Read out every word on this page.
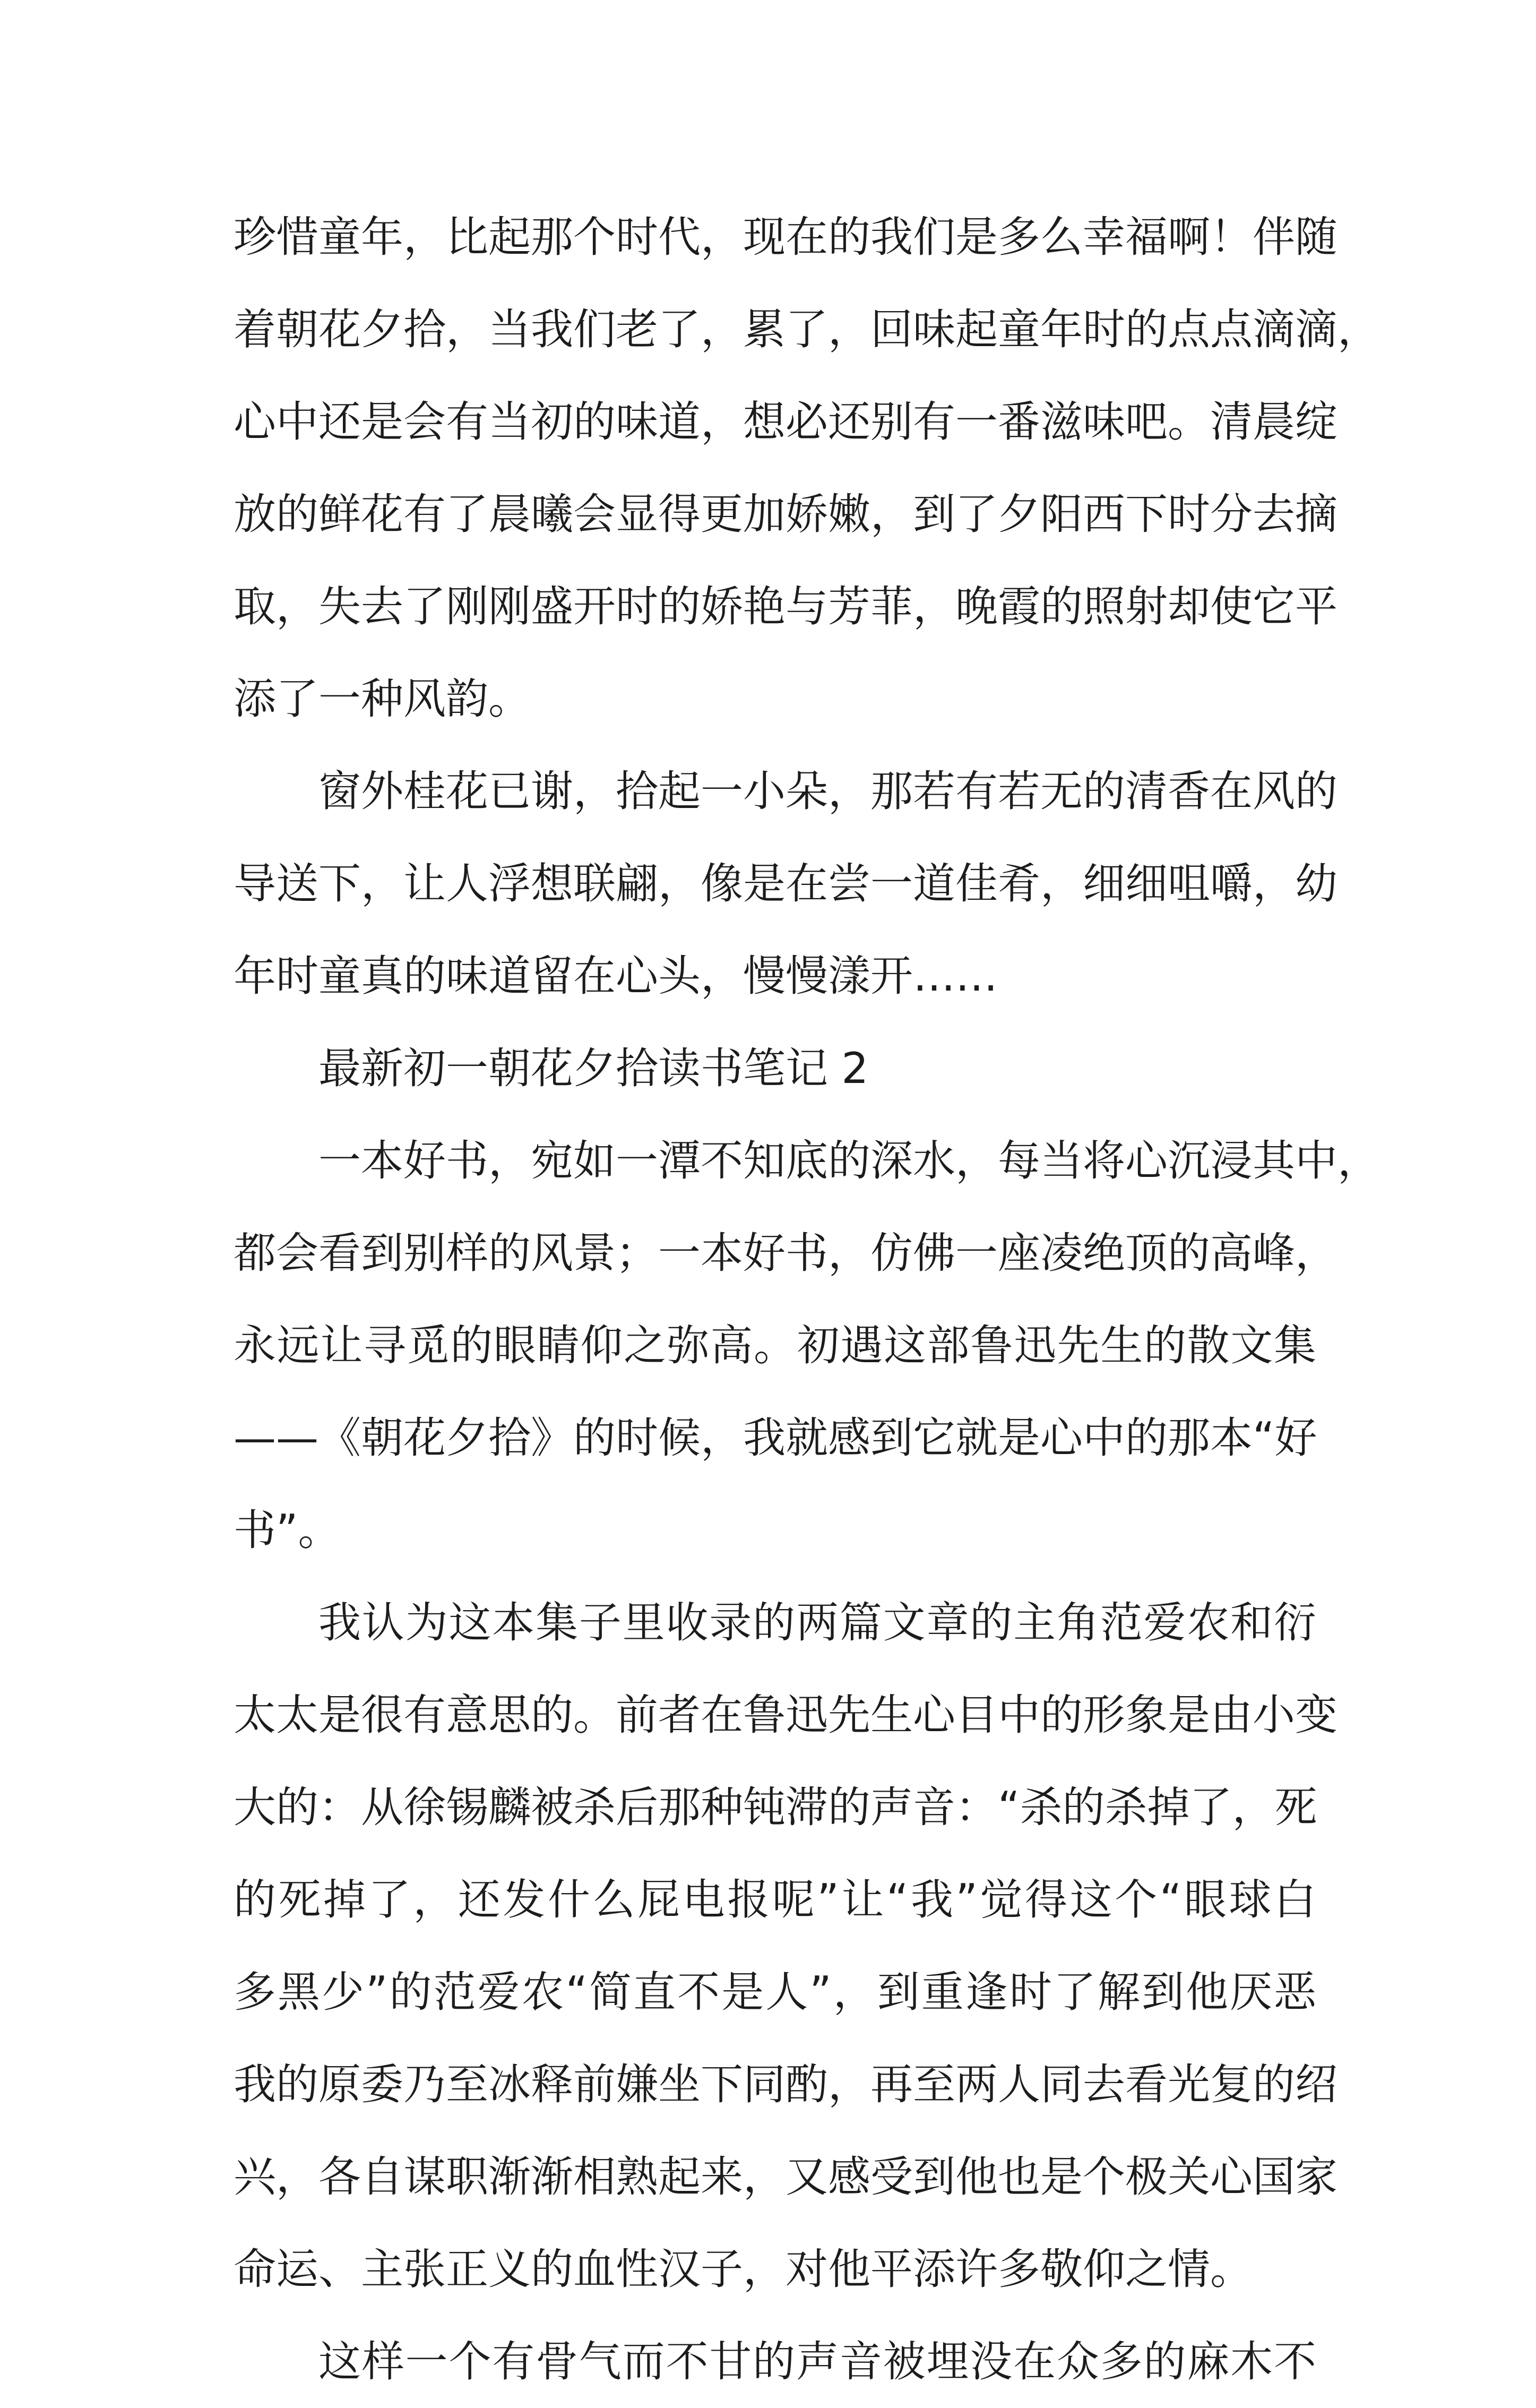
珍惜童年，比起那个时代，现在的我们是多么幸福啊！伴随
着朝花夕拾，当我们老了，累了，回味起童年时的点点滴滴，
心中还是会有当初的味道，想必还别有一番滋味吧。清晨绽
放的鲜花有了晨曦会显得更加娇嫩，到了夕阳西下时分去摘
取，失去了刚刚盛开时的娇艳与芳菲，晚霞的照射却使它平
添了一种风韵。
窗外桂花已谢，拾起一小朵，那若有若无的清香在风的
导送下，让人浮想联翩，像是在尝一道佳肴，细细咀嚼，幼
年时童真的味道留在心头，慢慢漾开……
最新初一朝花夕拾读书笔记 2
一本好书，宛如一潭不知底的深水，每当将心沉浸其中，
都会看到别样的风景；一本好书，仿佛一座凌绝顶的高峰，
永远让寻觅的眼睛仰之弥高。初遇这部鲁迅先生的散文集
——《朝花夕拾》的时候，我就感到它就是心中的那本“好
书”。
我认为这本集子里收录的两篇文章的主角范爱农和衍
太太是很有意思的。前者在鲁迅先生心目中的形象是由小变
大的：从徐锡麟被杀后那种钝滞的声音：“杀的杀掉了，死
的死掉了，还发什么屁电报呢”让“我”觉得这个“眼球白
多黑少”的范爱农“简直不是人”，到重逢时了解到他厌恶
我的原委乃至冰释前嫌坐下同酌，再至两人同去看光复的绍
兴，各自谋职渐渐相熟起来，又感受到他也是个极关心国家
命运、主张正义的血性汉子，对他平添许多敬仰之情。
这样一个有骨气而不甘的声音被埋没在众多的麻木不
